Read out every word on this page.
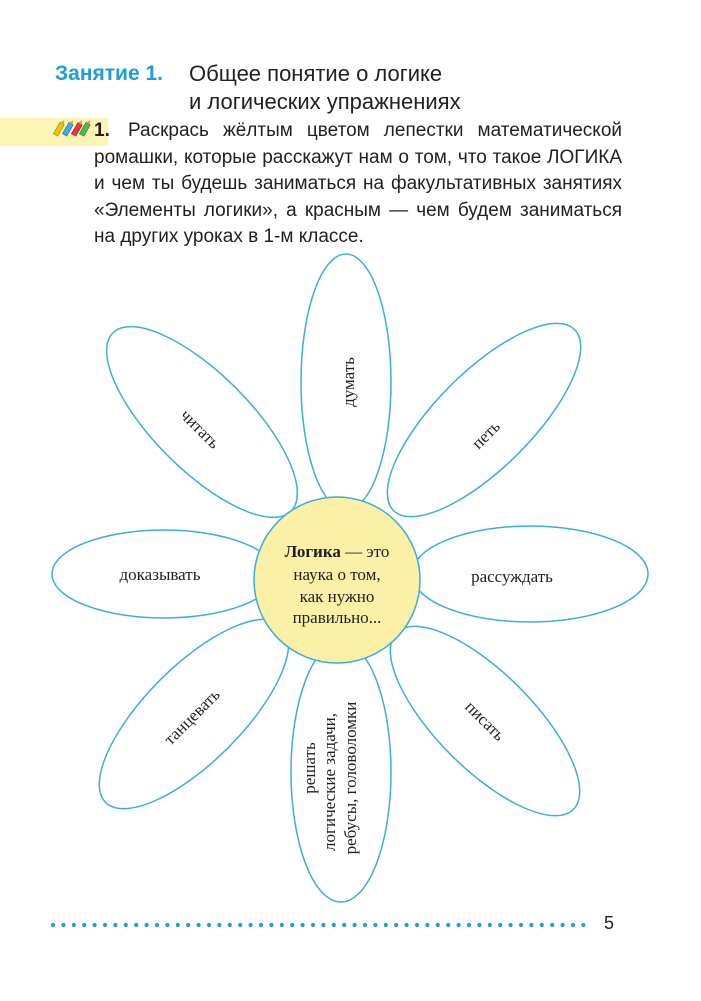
Занятие 1. Общее понятие о логике
и логических упражнениях
1. Раскрась жёлтым цветом лепестки математической ромашки, которые расскажут нам о том, что такое ЛОГИКА и чем ты будешь заниматься на факультативных занятиях «Элементы логики», а красным — чем будем заниматься на других уроках в 1-м классе.
думать
читать	петь
доказывать	рассуждать
танцевать	писать
решать логические задачи, ребусы, головоломки
Логика — это
наука о том,
как нужно
правильно...
5
